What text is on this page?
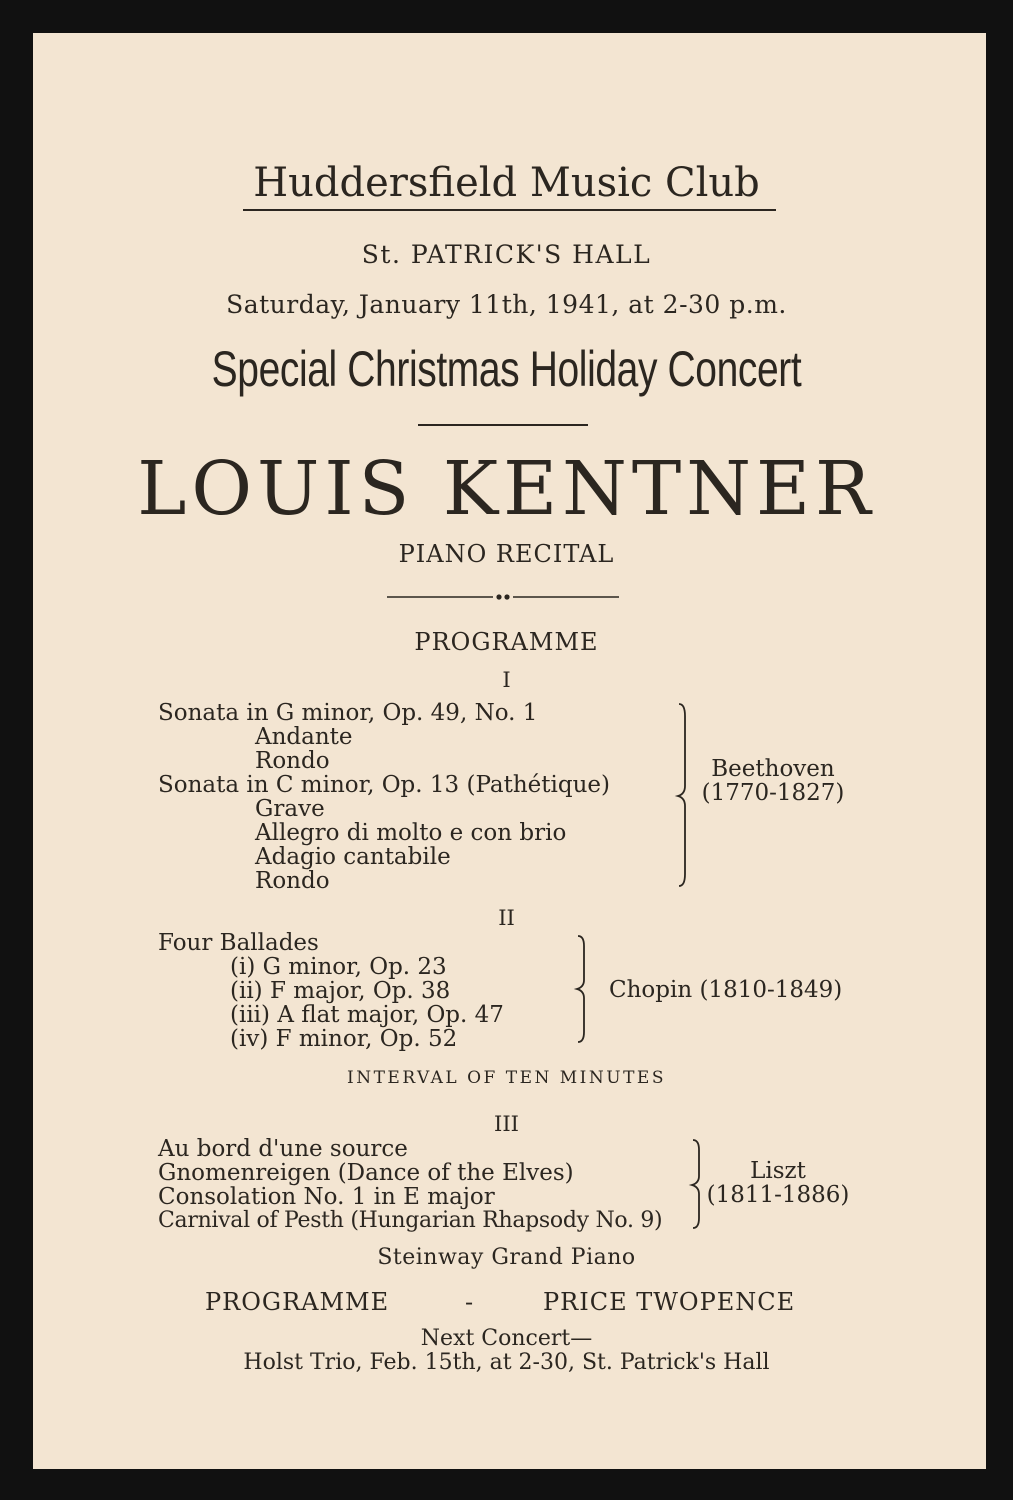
Huddersfield Music Club
St. PATRICK'S HALL
Saturday, January 11th, 1941, at 2-30 p.m.
Special Christmas Holiday Concert
LOUIS KENTNER
PIANO RECITAL
PROGRAMME
I
Sonata in G minor, Op. 49, No. 1
Andante
Rondo
Sonata in C minor, Op. 13 (Pathétique)
Grave
Allegro di molto e con brio
Adagio cantabile
Rondo
Beethoven
(1770-1827)
II
Four Ballades
(i) G minor, Op. 23
(ii) F major, Op. 38
(iii) A flat major, Op. 47
(iv) F minor, Op. 52
Chopin (1810-1849)
INTERVAL OF TEN MINUTES
III
Au bord d'une source
Gnomenreigen (Dance of the Elves)
Consolation No. 1 in E major
Carnival of Pesth (Hungarian Rhapsody No. 9)
Liszt
(1811-1886)
Steinway Grand Piano
PROGRAMME	-	PRICE TWOPENCE
Next Concert—
Holst Trio, Feb. 15th, at 2-30, St. Patrick's Hall
